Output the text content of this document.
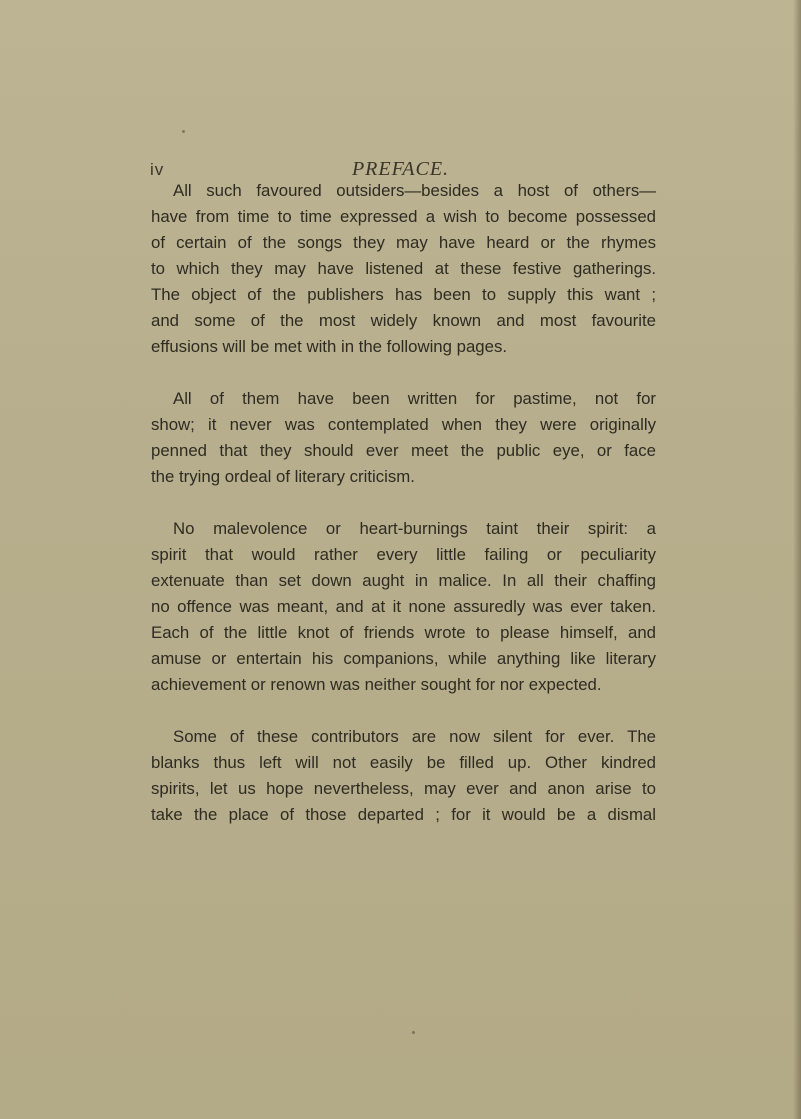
iv	PREFACE.

All such favoured outsiders—besides a host of others—
have from time to time expressed a wish to become possessed
of certain of the songs they may have heard or the rhymes
to which they may have listened at these festive gatherings.
The object of the publishers has been to supply this want ;
and some of the most widely known and most favourite
effusions will be met with in the following pages.

All of them have been written for pastime, not for
show; it never was contemplated when they were originally
penned that they should ever meet the public eye, or face
the trying ordeal of literary criticism.

No malevolence or heart-burnings taint their spirit: a
spirit that would rather every little failing or peculiarity
extenuate than set down aught in malice. In all their chaffing
no offence was meant, and at it none assuredly was ever taken.
Each of the little knot of friends wrote to please himself, and
amuse or entertain his companions, while anything like literary
achievement or renown was neither sought for nor expected.

Some of these contributors are now silent for ever. The
blanks thus left will not easily be filled up. Other kindred
spirits, let us hope nevertheless, may ever and anon arise to
take the place of those departed ; for it would be a dismal
